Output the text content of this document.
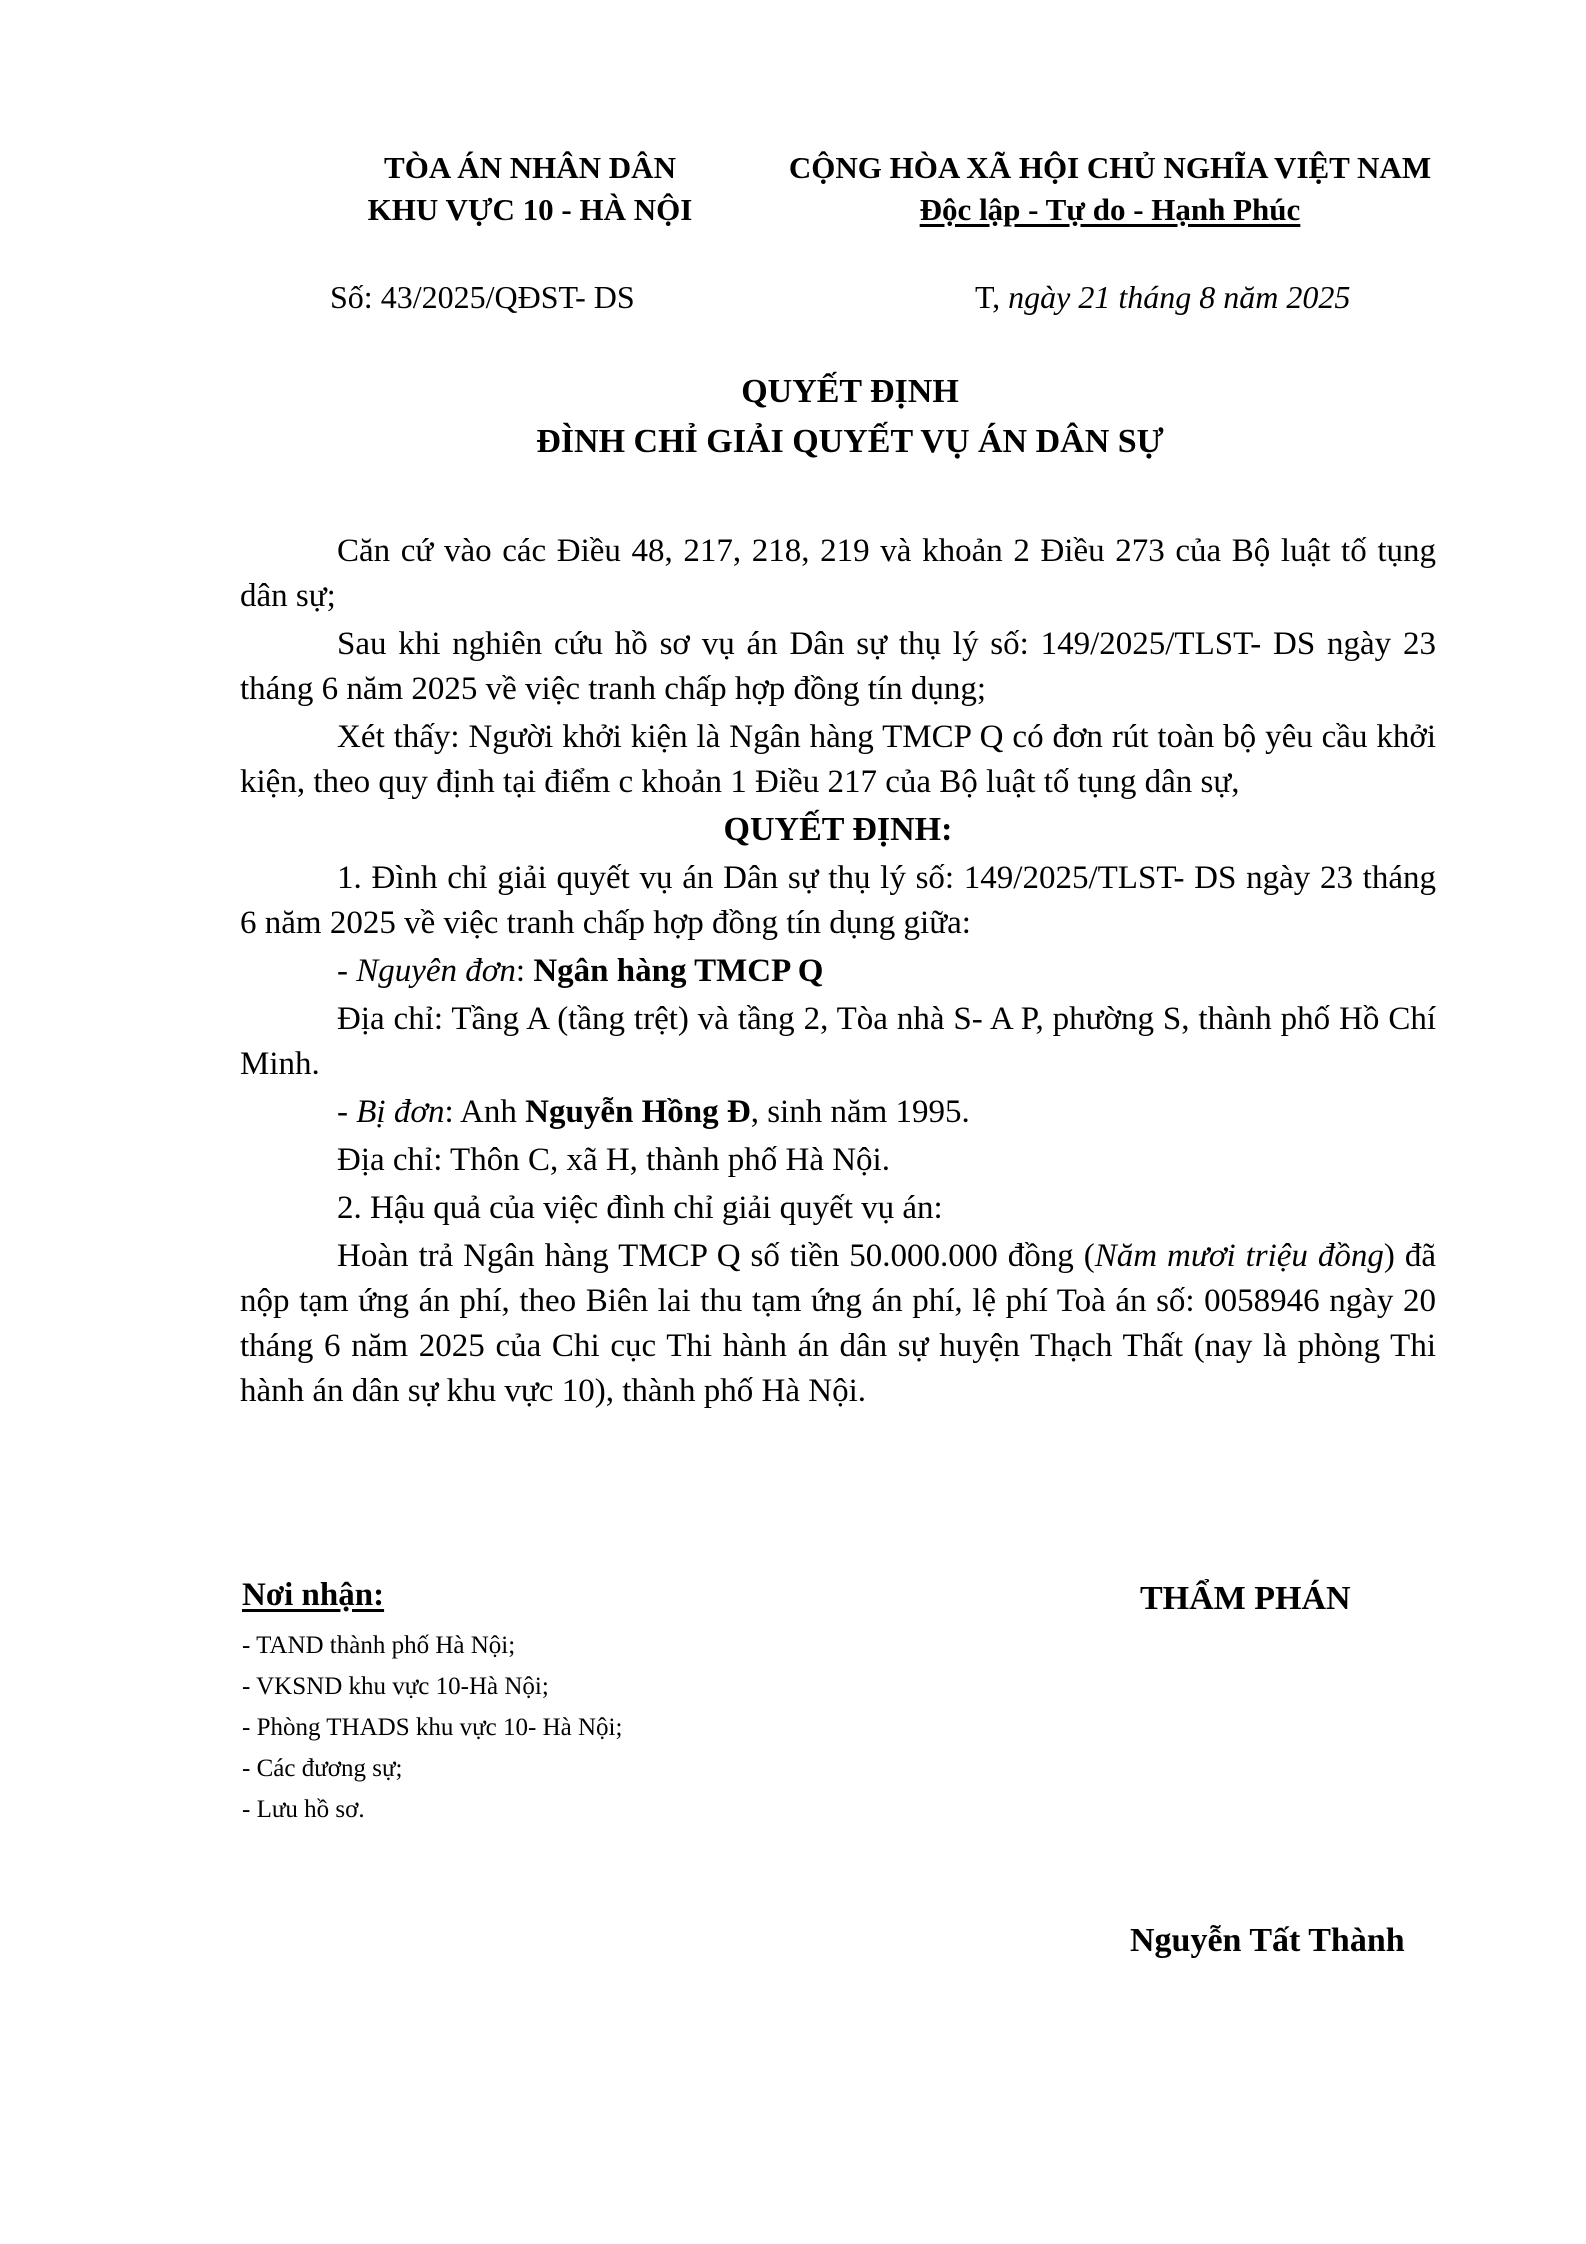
TÒA ÁN NHÂN DÂN
KHU VỰC 10 - HÀ NỘI
CỘNG HÒA XÃ HỘI CHỦ NGHĨA VIỆT NAM
Độc lập - Tự do - Hạnh Phúc
Số: 43/2025/QĐST- DS	T, ngày 21 tháng 8 năm 2025
QUYẾT ĐỊNH
ĐÌNH CHỈ GIẢI QUYẾT VỤ ÁN DÂN SỰ

Căn cứ vào các Điều 48, 217, 218, 219 và khoản 2 Điều 273 của Bộ luật tố tụng dân sự;

Sau khi nghiên cứu hồ sơ vụ án Dân sự thụ lý số: 149/2025/TLST- DS ngày 23 tháng 6 năm 2025 về việc tranh chấp hợp đồng tín dụng;

Xét thấy: Người khởi kiện là Ngân hàng TMCP Q có đơn rút toàn bộ yêu cầu khởi kiện, theo quy định tại điểm c khoản 1 Điều 217 của Bộ luật tố tụng dân sự,

QUYẾT ĐỊNH:

1. Đình chỉ giải quyết vụ án Dân sự thụ lý số: 149/2025/TLST- DS ngày 23 tháng 6 năm 2025 về việc tranh chấp hợp đồng tín dụng giữa:

- Nguyên đơn: Ngân hàng TMCP Q

Địa chỉ: Tầng A (tầng trệt) và tầng 2, Tòa nhà S- A P, phường S, thành phố Hồ Chí Minh.

- Bị đơn: Anh Nguyễn Hồng Đ, sinh năm 1995.

Địa chỉ: Thôn C, xã H, thành phố Hà Nội.

2. Hậu quả của việc đình chỉ giải quyết vụ án:

Hoàn trả Ngân hàng TMCP Q số tiền 50.000.000 đồng (Năm mươi triệu đồng) đã nộp tạm ứng án phí, theo Biên lai thu tạm ứng án phí, lệ phí Toà án số: 0058946 ngày 20 tháng 6 năm 2025 của Chi cục Thi hành án dân sự huyện Thạch Thất (nay là phòng Thi hành án dân sự khu vực 10), thành phố Hà Nội.

Nơi nhận:
- TAND thành phố Hà Nội;
- VKSND khu vực 10-Hà Nội;
- Phòng THADS khu vực 10- Hà Nội;
- Các đương sự;
- Lưu hồ sơ.
THẨM PHÁN
Nguyễn Tất Thành
